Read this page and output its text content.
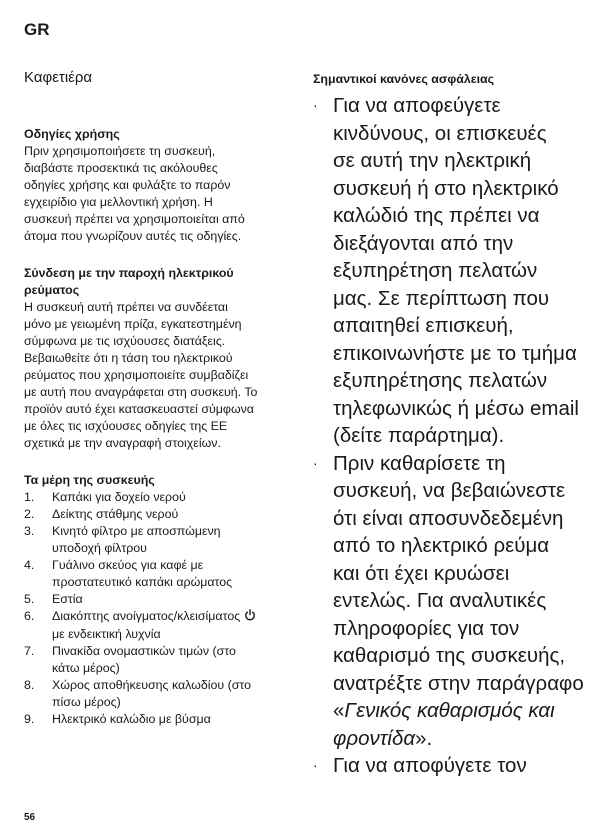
GR
Καφετιέρα
Οδηγίες χρήσης
Πριν χρησιμοποιήσετε τη συσκευή,
διαβάστε προσεκτικά τις ακόλουθες
οδηγίες χρήσης και φυλάξτε το παρόν
εγχειρίδιο για μελλοντική χρήση. Η
συσκευή πρέπει να χρησιμοποιείται από
άτομα που γνωρίζουν αυτές τις οδηγίες.
Σύνδεση με την παροχή ηλεκτρικού
ρεύματος
Η συσκευή αυτή πρέπει να συνδέεται
μόνο με γειωμένη πρίζα, εγκατεστημένη
σύμφωνα με τις ισχύουσες διατάξεις.
Βεβαιωθείτε ότι η τάση του ηλεκτρικού
ρεύματος που χρησιμοποιείτε συμβαδίζει
με αυτή που αναγράφεται στη συσκευή. Το
προϊόν αυτό έχει κατασκευαστεί σύμφωνα
με όλες τις ισχύουσες οδηγίες της ΕΕ
σχετικά με την αναγραφή στοιχείων.
Τα μέρη της συσκευής
1.	Καπάκι για δοχείο νερού
2.	Δείκτης στάθμης νερού
3.	Κινητό φίλτρο με αποσπώμενη
υποδοχή φίλτρου
4.	Γυάλινο σκεύος για καφέ με
προστατευτικό καπάκι αρώματος
5.	Εστία
6.	Διακόπτης ανοίγματος/κλεισίματος
με ενδεικτική λυχνία
7.	Πινακίδα ονομαστικών τιμών (στο
κάτω μέρος)
8.	Χώρος αποθήκευσης καλωδίου (στο
πίσω μέρος)
9.	Ηλεκτρικό καλώδιο με βύσμα
Σημαντικοί κανόνες ασφάλειας
· Για να αποφεύγετε
κινδύνους, οι επισκευές
σε αυτή την ηλεκτρική
συσκευή ή στο ηλεκτρικό
καλώδιό της πρέπει να
διεξάγονται από την
εξυπηρέτηση πελατών
μας. Σε περίπτωση που
απαιτηθεί επισκευή,
επικοινωνήστε με το τμήμα
εξυπηρέτησης πελατών
τηλεφωνικώς ή μέσω email
(δείτε παράρτημα).
· Πριν καθαρίσετε τη
συσκευή, να βεβαιώνεστε
ότι είναι αποσυνδεδεμένη
από το ηλεκτρικό ρεύμα
και ότι έχει κρυώσει
εντελώς. Για αναλυτικές
πληροφορίες για τον
καθαρισμό της συσκευής,
ανατρέξτε στην παράγραφο
«Γενικός καθαρισμός και
φροντίδα».
· Για να αποφύγετε τον
56
